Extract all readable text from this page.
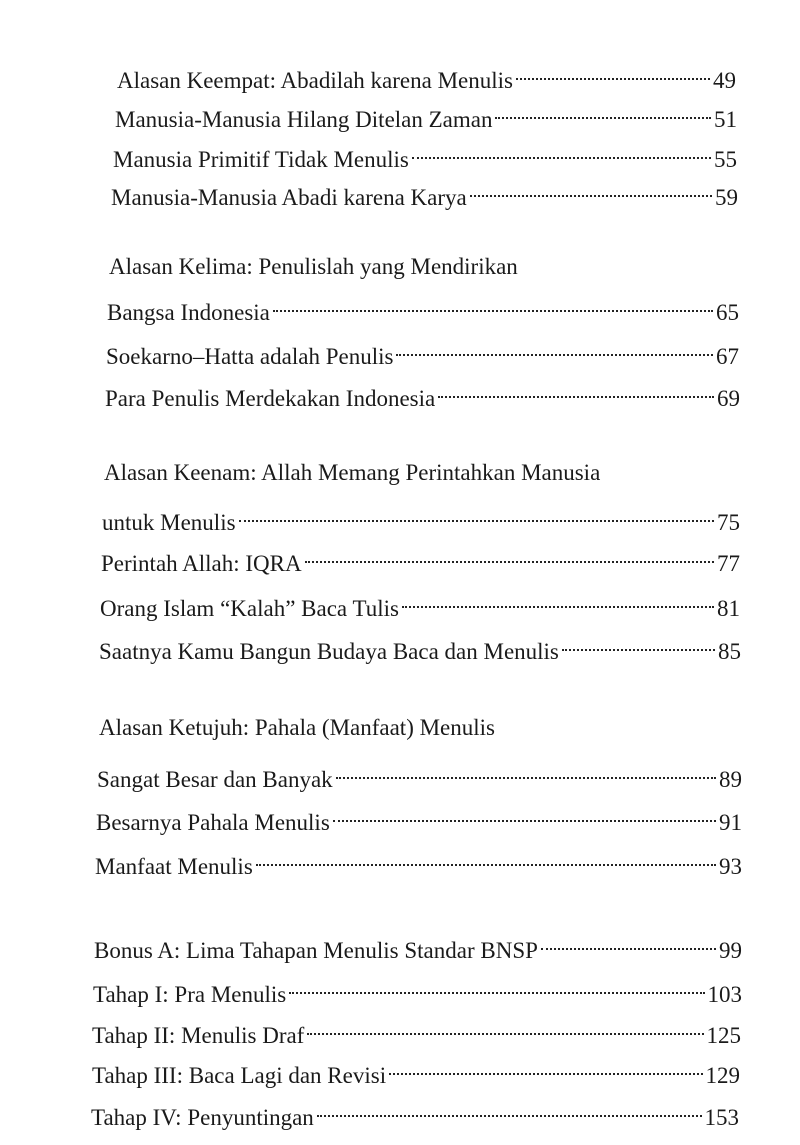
Alasan Keempat: Abadilah karena Menulis	49
Manusia-Manusia Hilang Ditelan Zaman	51
Manusia Primitif Tidak Menulis	55
Manusia-Manusia Abadi karena Karya	59
Alasan Kelima: Penulislah yang Mendirikan
Bangsa Indonesia	65
Soekarno–Hatta adalah Penulis	67
Para Penulis Merdekakan Indonesia	69
Alasan Keenam: Allah Memang Perintahkan Manusia
untuk Menulis	75
Perintah Allah: IQRA	77
Orang Islam “Kalah” Baca Tulis	81
Saatnya Kamu Bangun Budaya Baca dan Menulis	85
Alasan Ketujuh: Pahala (Manfaat) Menulis
Sangat Besar dan Banyak	89
Besarnya Pahala Menulis	91
Manfaat Menulis	93
Bonus A: Lima Tahapan Menulis Standar BNSP	99
Tahap I: Pra Menulis	103
Tahap II: Menulis Draf	125
Tahap III: Baca Lagi dan Revisi	129
Tahap IV: Penyuntingan	153
